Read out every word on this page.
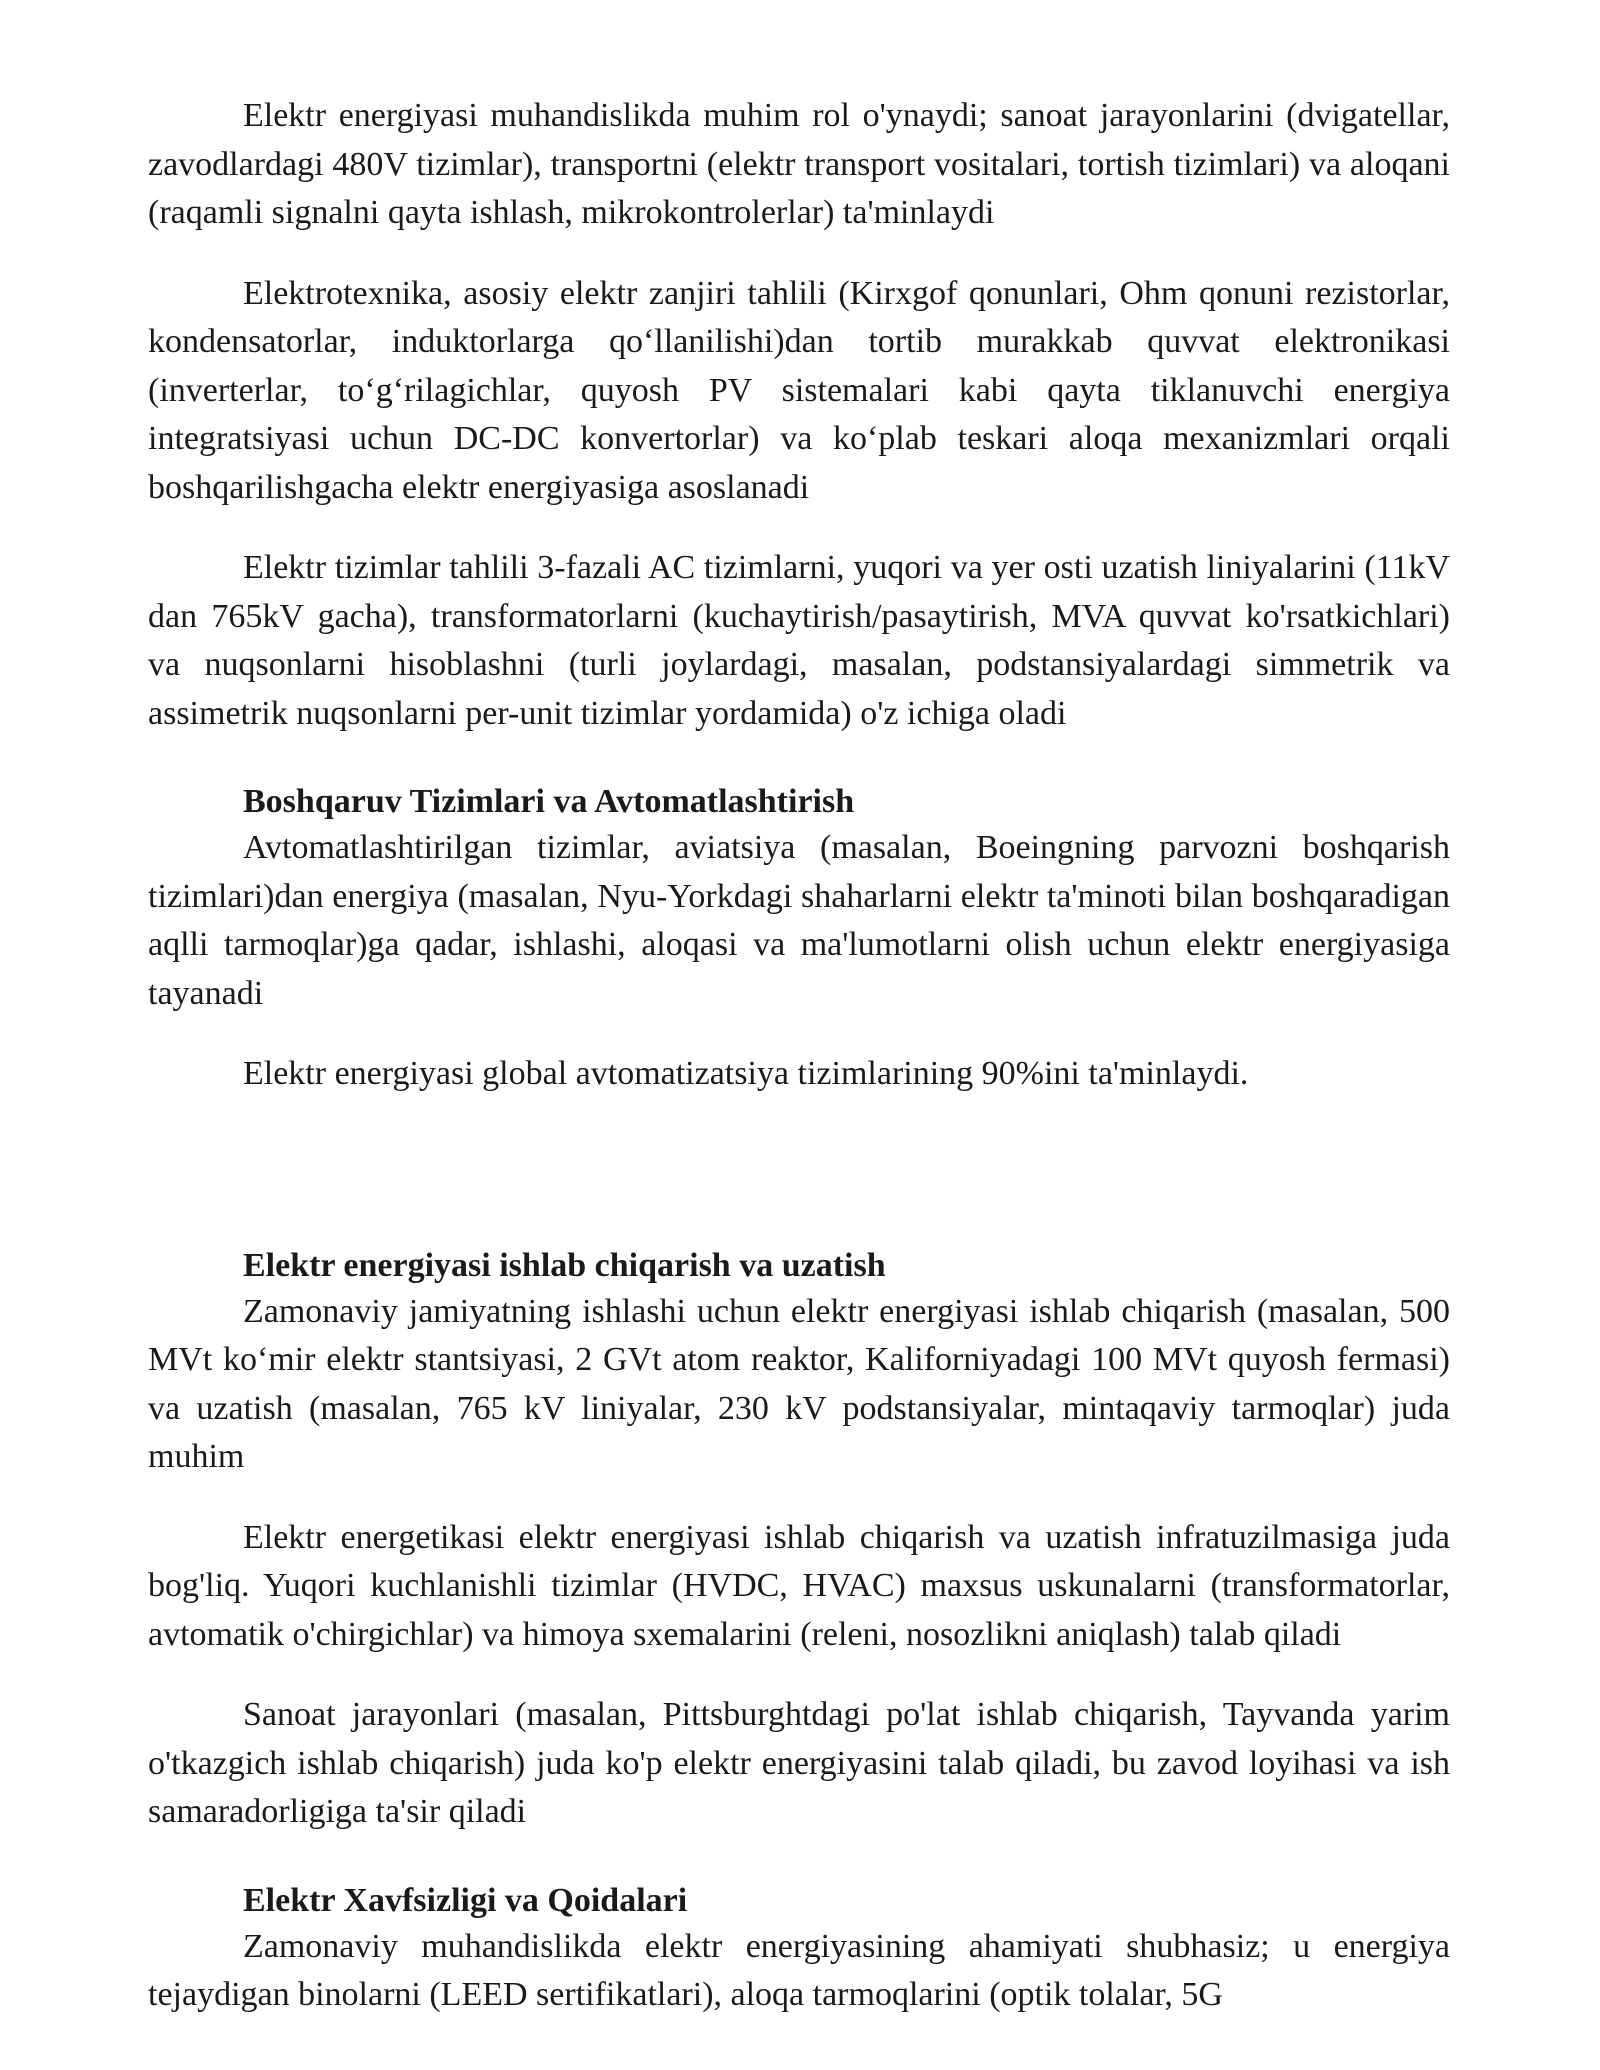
Elektr energiyasi muhandislikda muhim rol o'ynaydi; sanoat jarayonlarini (dvigatellar, zavodlardagi 480V tizimlar), transportni (elektr transport vositalari, tortish tizimlari) va aloqani (raqamli signalni qayta ishlash, mikrokontrolerlar) ta'minlaydi

Elektrotexnika, asosiy elektr zanjiri tahlili (Kirxgof qonunlari, Ohm qonuni rezistorlar, kondensatorlar, induktorlarga qo‘llanilishi)dan tortib murakkab quvvat elektronikasi (inverterlar, to‘g‘rilagichlar, quyosh PV sistemalari kabi qayta tiklanuvchi energiya integratsiyasi uchun DC-DC konvertorlar) va ko‘plab teskari aloqa mexanizmlari orqali boshqarilishgacha elektr energiyasiga asoslanadi

Elektr tizimlar tahlili 3-fazali AC tizimlarni, yuqori va yer osti uzatish liniyalarini (11kV dan 765kV gacha), transformatorlarni (kuchaytirish/pasaytirish, MVA quvvat ko'rsatkichlari) va nuqsonlarni hisoblashni (turli joylardagi, masalan, podstansiyalardagi simmetrik va assimetrik nuqsonlarni per-unit tizimlar yordamida) o'z ichiga oladi

Boshqaruv Tizimlari va Avtomatlashtirish

Avtomatlashtirilgan tizimlar, aviatsiya (masalan, Boeingning parvozni boshqarish tizimlari)dan energiya (masalan, Nyu-Yorkdagi shaharlarni elektr ta'minoti bilan boshqaradigan aqlli tarmoqlar)ga qadar, ishlashi, aloqasi va ma'lumotlarni olish uchun elektr energiyasiga tayanadi

Elektr energiyasi global avtomatizatsiya tizimlarining 90%ini ta'minlaydi.

Elektr energiyasi ishlab chiqarish va uzatish

Zamonaviy jamiyatning ishlashi uchun elektr energiyasi ishlab chiqarish (masalan, 500 MVt ko‘mir elektr stantsiyasi, 2 GVt atom reaktor, Kaliforniyadagi 100 MVt quyosh fermasi) va uzatish (masalan, 765 kV liniyalar, 230 kV podstansiyalar, mintaqaviy tarmoqlar) juda muhim

Elektr energetikasi elektr energiyasi ishlab chiqarish va uzatish infratuzilmasiga juda bog'liq. Yuqori kuchlanishli tizimlar (HVDC, HVAC) maxsus uskunalarni (transformatorlar, avtomatik o'chirgichlar) va himoya sxemalarini (releni, nosozlikni aniqlash) talab qiladi

Sanoat jarayonlari (masalan, Pittsburghtdagi po'lat ishlab chiqarish, Tayvanda yarim o'tkazgich ishlab chiqarish) juda ko'p elektr energiyasini talab qiladi, bu zavod loyihasi va ish samaradorligiga ta'sir qiladi

Elektr Xavfsizligi va Qoidalari

Zamonaviy muhandislikda elektr energiyasining ahamiyati shubhasiz; u energiya tejaydigan binolarni (LEED sertifikatlari), aloqa tarmoqlarini (optik tolalar, 5G
